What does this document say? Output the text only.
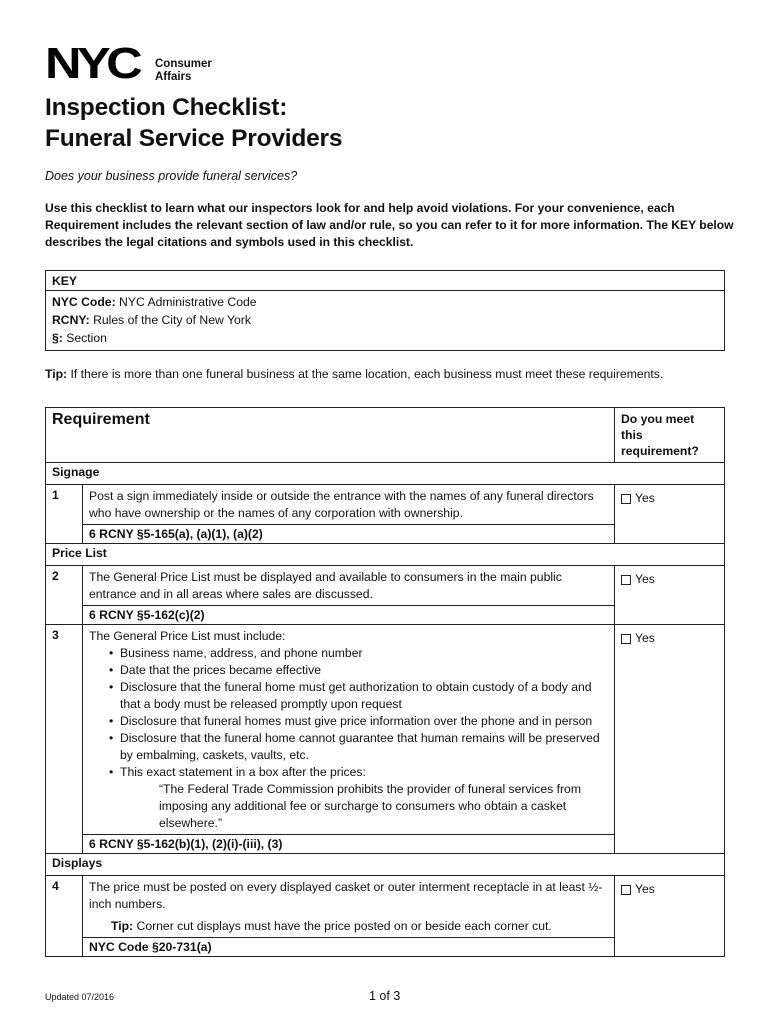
NYC Consumer
Affairs
Inspection Checklist:
Funeral Service Providers
Does your business provide funeral services?
Use this checklist to learn what our inspectors look for and help avoid violations. For your convenience, each Requirement includes the relevant section of law and/or rule, so you can refer to it for more information. The KEY below describes the legal citations and symbols used in this checklist.
KEY
NYC Code: NYC Administrative Code
RCNY: Rules of the City of New York
§: Section
Tip: If there is more than one funeral business at the same location, each business must meet these requirements.
Requirement	Do you meet this
requirement?
Signage
1	Post a sign immediately inside or outside the entrance with the names of any funeral directors who have ownership or the names of any corporation with ownership.
6 RCNY §5-165(a), (a)(1), (a)(2)
Yes
Price List
2	The General Price List must be displayed and available to consumers in the main public entrance and in all areas where sales are discussed.
6 RCNY §5-162(c)(2)
Yes
3	The General Price List must include:
• Business name, address, and phone number
• Date that the prices became effective
• Disclosure that the funeral home must get authorization to obtain custody of a body and that a body must be released promptly upon request
• Disclosure that funeral homes must give price information over the phone and in person
• Disclosure that the funeral home cannot guarantee that human remains will be preserved by embalming, caskets, vaults, etc.
• This exact statement in a box after the prices:
“The Federal Trade Commission prohibits the provider of funeral services from imposing any additional fee or surcharge to consumers who obtain a casket elsewhere.”
6 RCNY §5-162(b)(1), (2)(i)-(iii), (3)
Yes
Displays
4	The price must be posted on every displayed casket or outer interment receptacle in at least ½-inch numbers.
Tip: Corner cut displays must have the price posted on or beside each corner cut.
NYC Code §20-731(a)
Yes
Updated 07/2016	1 of 3
